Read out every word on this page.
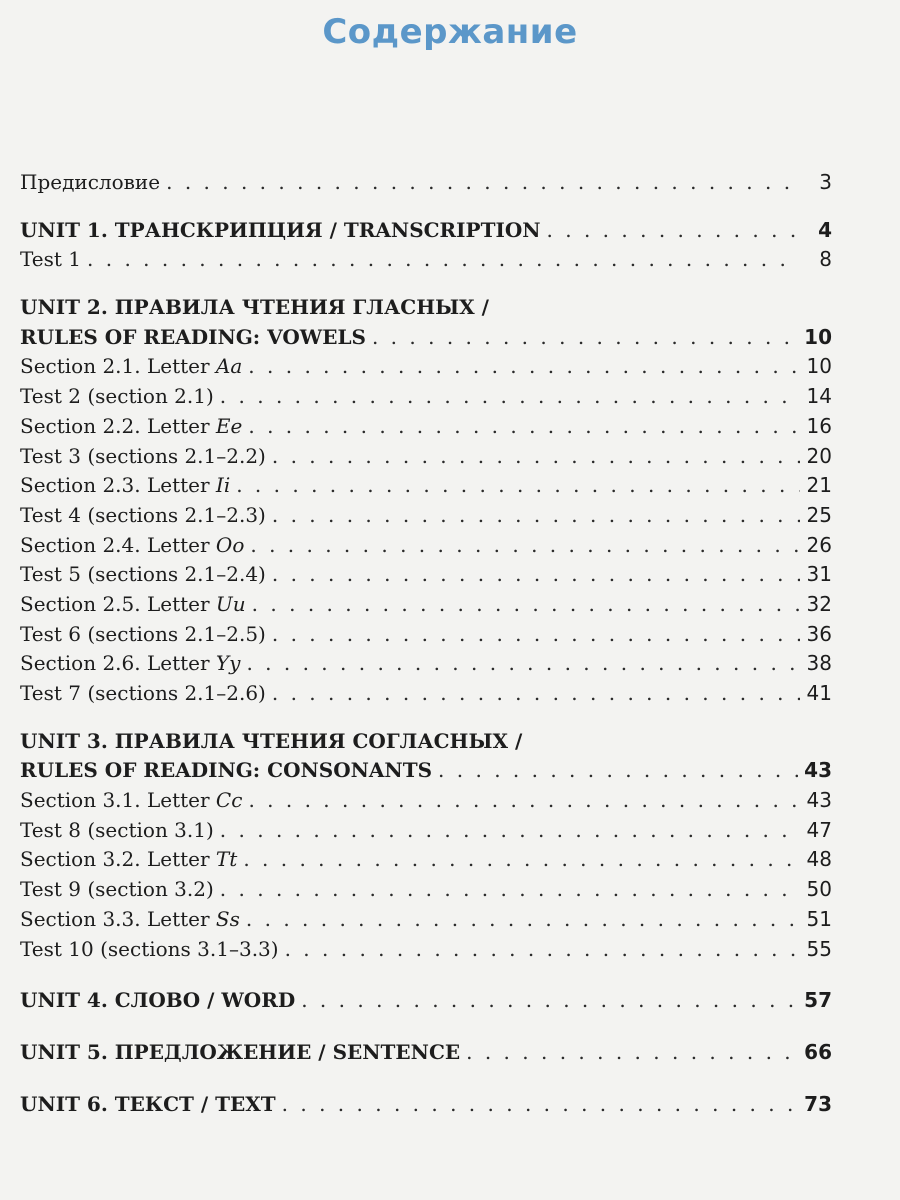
Содержание
Предисловие . . .	3
UNIT 1. ТРАНСКРИПЦИЯ / TRANSCRIPTION . . .	4
Test 1 . . .	8
UNIT 2. ПРАВИЛА ЧТЕНИЯ ГЛАСНЫХ /
RULES OF READING: VOWELS . . .	10
Section 2.1. Letter Aa . . .	10
Test 2 (section 2.1) . . .	14
Section 2.2. Letter Ee . . .	16
Test 3 (sections 2.1–2.2) . . .	20
Section 2.3. Letter Ii . . .	21
Test 4 (sections 2.1–2.3) . . .	25
Section 2.4. Letter Oo . . .	26
Test 5 (sections 2.1–2.4) . . .	31
Section 2.5. Letter Uu . . .	32
Test 6 (sections 2.1–2.5) . . .	36
Section 2.6. Letter Yy . . .	38
Test 7 (sections 2.1–2.6) . . .	41
UNIT 3. ПРАВИЛА ЧТЕНИЯ СОГЛАСНЫХ /
RULES OF READING: CONSONANTS . . .	43
Section 3.1. Letter Cc . . .	43
Test 8 (section 3.1) . . .	47
Section 3.2. Letter Tt . . .	48
Test 9 (section 3.2) . . .	50
Section 3.3. Letter Ss . . .	51
Test 10 (sections 3.1–3.3) . . .	55
UNIT 4. СЛОВО / WORD . . .	57
UNIT 5. ПРЕДЛОЖЕНИЕ / SENTENCE . . .	66
UNIT 6. ТЕКСТ / TEXT . . .	73
